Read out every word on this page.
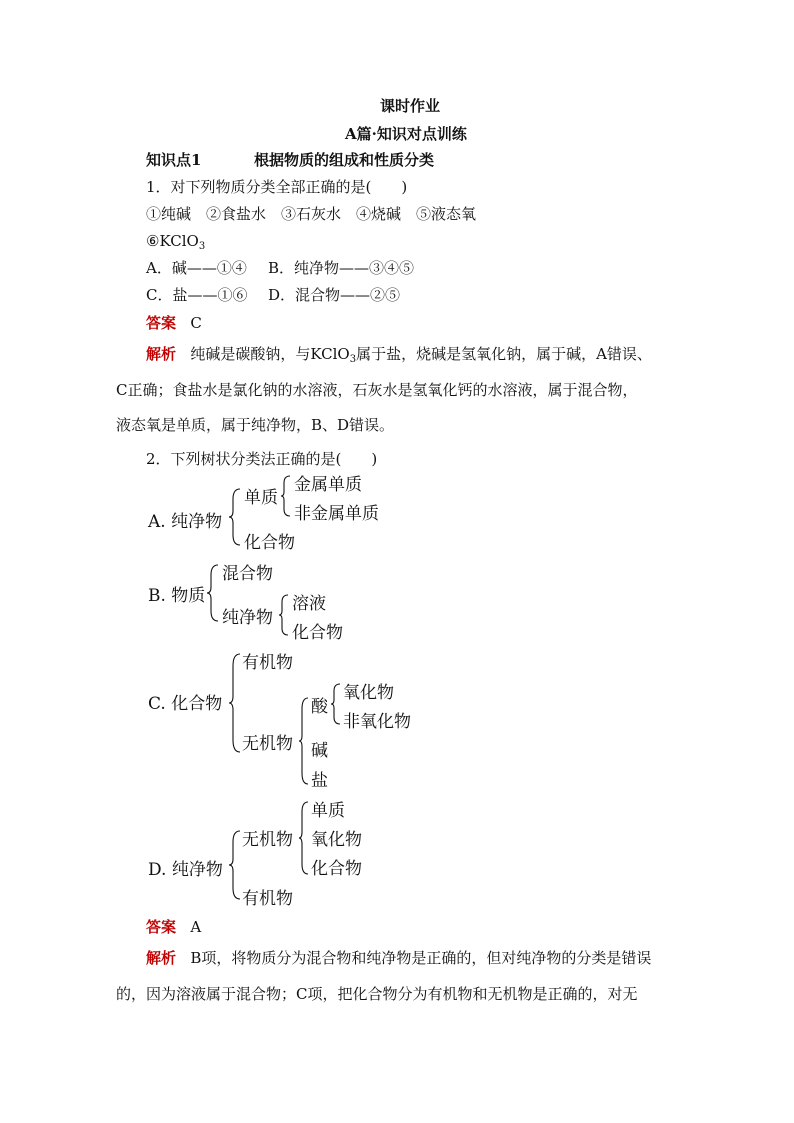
课时作业
A篇·知识对点训练
知识点1	根据物质的组成和性质分类
1．对下列物质分类全部正确的是(　　)
①纯碱　②食盐水　③石灰水　④烧碱　⑤液态氧
⑥KClO$_3$
A．碱——①④ B．纯净物——③④⑤
C．盐——①⑥ D．混合物——②⑤
答案 C
解析 纯碱是碳酸钠，与KClO$_3$属于盐，烧碱是氢氧化钠，属于碱，A错误、
C正确；食盐水是氯化钠的水溶液，石灰水是氢氧化钙的水溶液，属于混合物，
液态氧是单质，属于纯净物，B、D错误。
2．下列树状分类法正确的是(　　)
A. 纯净物
单质
金属单质
非金属单质
化合物
B. 物质
混合物
纯净物
溶液
化合物
C. 化合物
有机物
无机物
酸
氧化物
非氧化物
碱
盐
D. 纯净物
无机物
单质
氧化物
化合物
有机物
答案 A
解析 B项，将物质分为混合物和纯净物是正确的，但对纯净物的分类是错误
的，因为溶液属于混合物；C项，把化合物分为有机物和无机物是正确的，对无
